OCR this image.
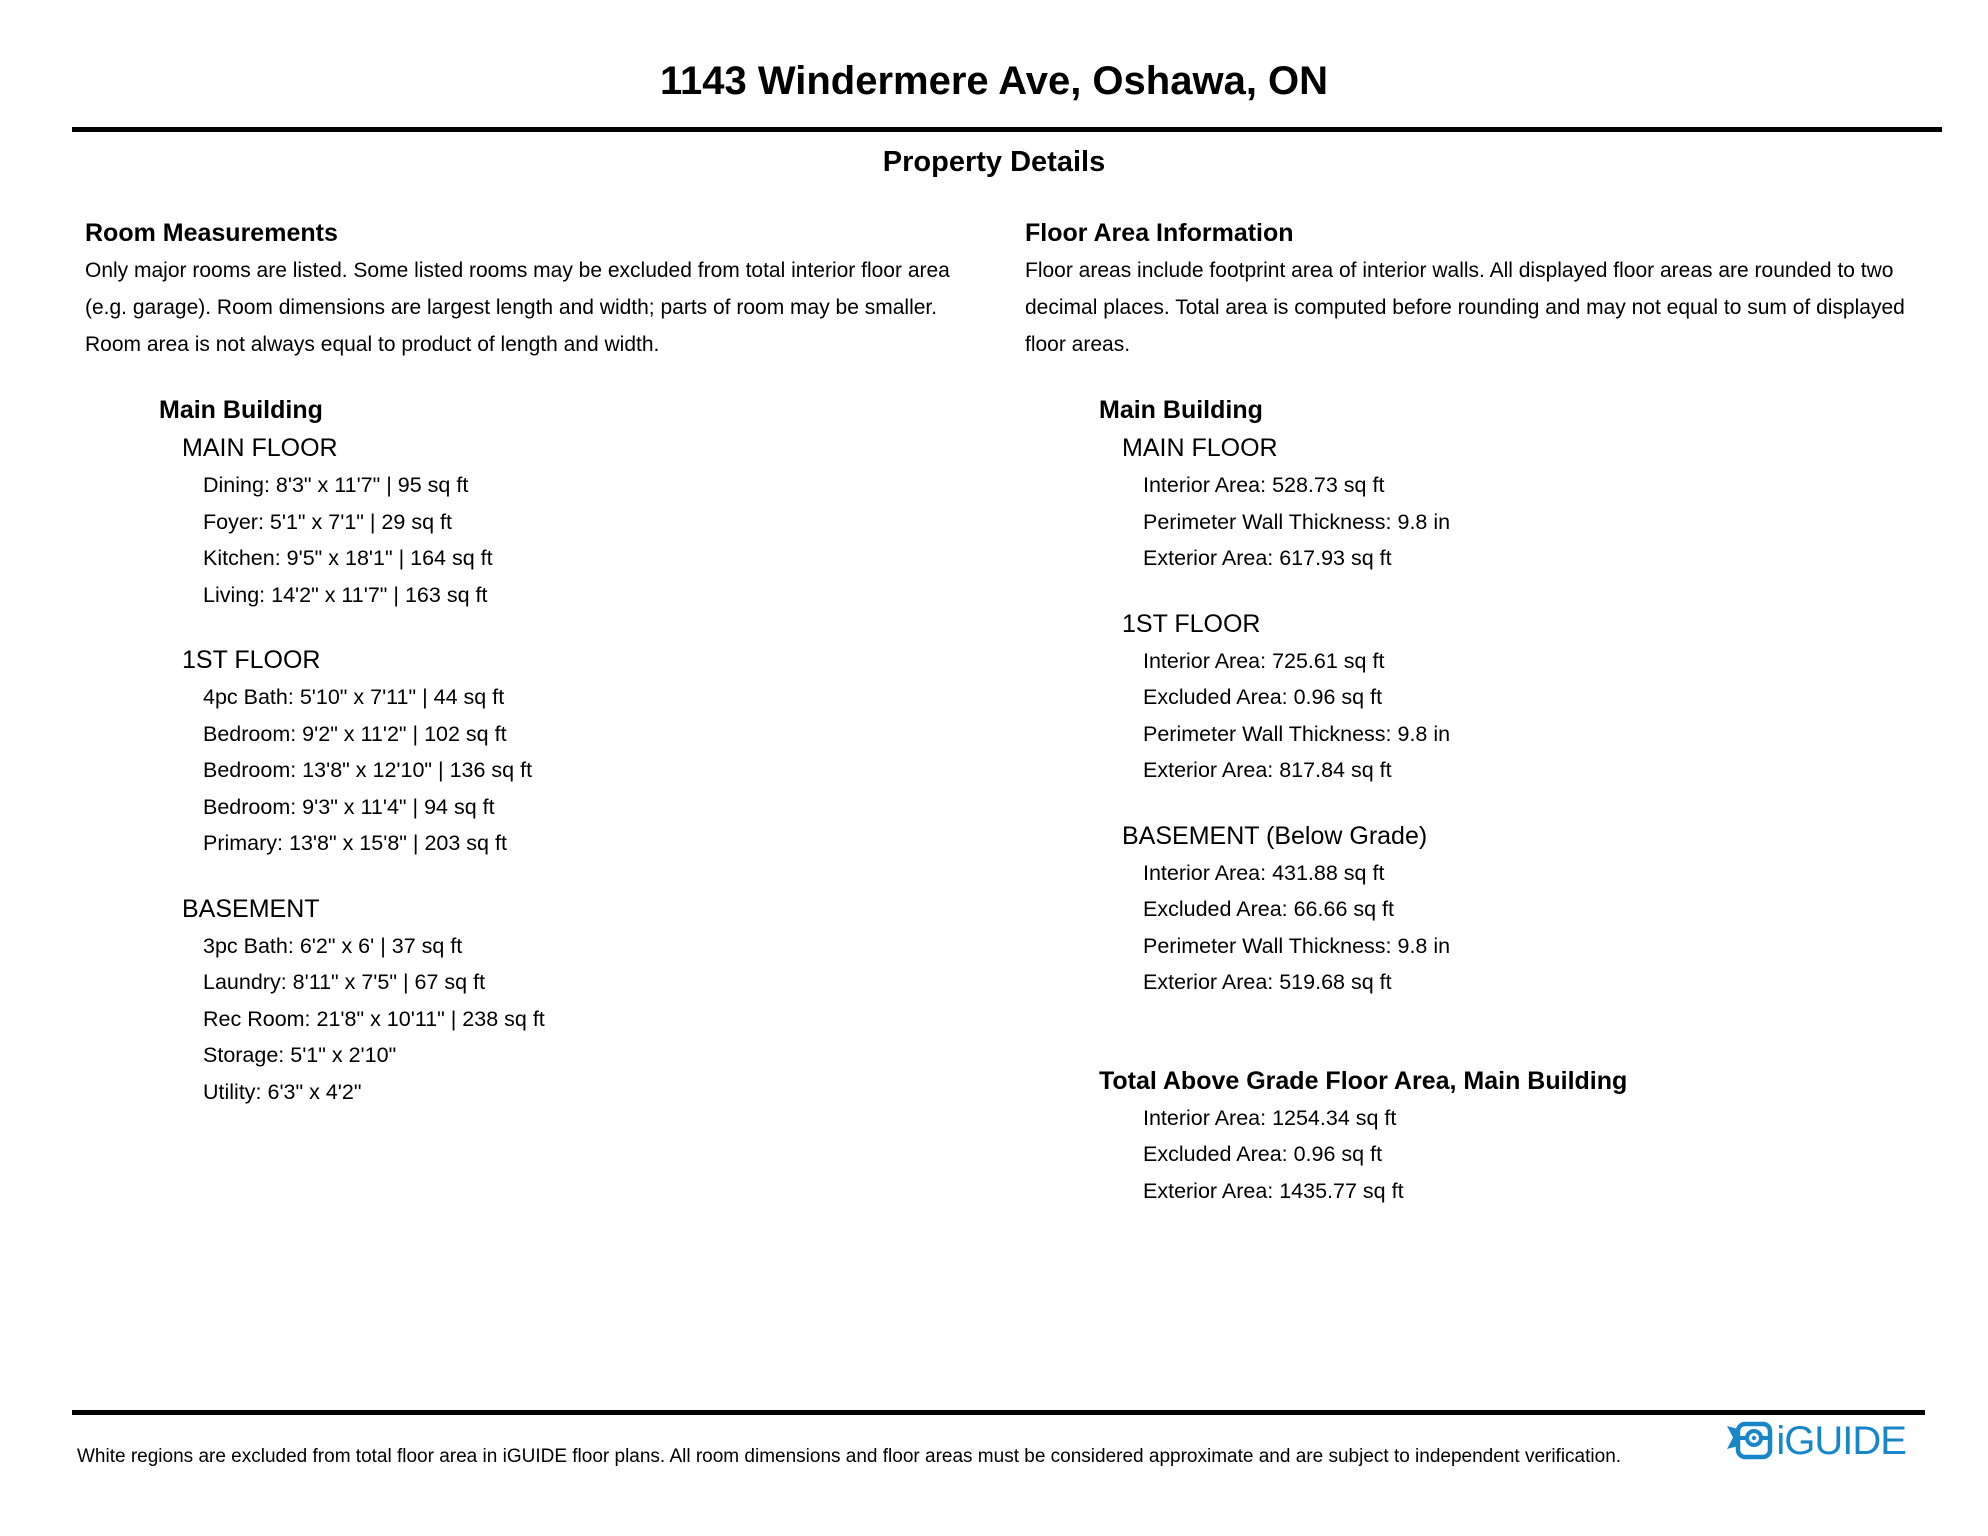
1143 Windermere Ave, Oshawa, ON
Property Details
Room Measurements
Only major rooms are listed. Some listed rooms may be excluded from total interior floor area
(e.g. garage). Room dimensions are largest length and width; parts of room may be smaller.
Room area is not always equal to product of length and width.
Main Building
MAIN FLOOR
Dining: 8'3" x 11'7" | 95 sq ft
Foyer: 5'1" x 7'1" | 29 sq ft
Kitchen: 9'5" x 18'1" | 164 sq ft
Living: 14'2" x 11'7" | 163 sq ft
1ST FLOOR
4pc Bath: 5'10" x 7'11" | 44 sq ft
Bedroom: 9'2" x 11'2" | 102 sq ft
Bedroom: 13'8" x 12'10" | 136 sq ft
Bedroom: 9'3" x 11'4" | 94 sq ft
Primary: 13'8" x 15'8" | 203 sq ft
BASEMENT
3pc Bath: 6'2" x 6' | 37 sq ft
Laundry: 8'11" x 7'5" | 67 sq ft
Rec Room: 21'8" x 10'11" | 238 sq ft
Storage: 5'1" x 2'10"
Utility: 6'3" x 4'2"
Floor Area Information
Floor areas include footprint area of interior walls. All displayed floor areas are rounded to two
decimal places. Total area is computed before rounding and may not equal to sum of displayed
floor areas.
Main Building
MAIN FLOOR
Interior Area: 528.73 sq ft
Perimeter Wall Thickness: 9.8 in
Exterior Area: 617.93 sq ft
1ST FLOOR
Interior Area: 725.61 sq ft
Excluded Area: 0.96 sq ft
Perimeter Wall Thickness: 9.8 in
Exterior Area: 817.84 sq ft
BASEMENT (Below Grade)
Interior Area: 431.88 sq ft
Excluded Area: 66.66 sq ft
Perimeter Wall Thickness: 9.8 in
Exterior Area: 519.68 sq ft
Total Above Grade Floor Area, Main Building
Interior Area: 1254.34 sq ft
Excluded Area: 0.96 sq ft
Exterior Area: 1435.77 sq ft
White regions are excluded from total floor area in iGUIDE floor plans. All room dimensions and floor areas must be considered approximate and are subject to independent verification.	iGUIDE
